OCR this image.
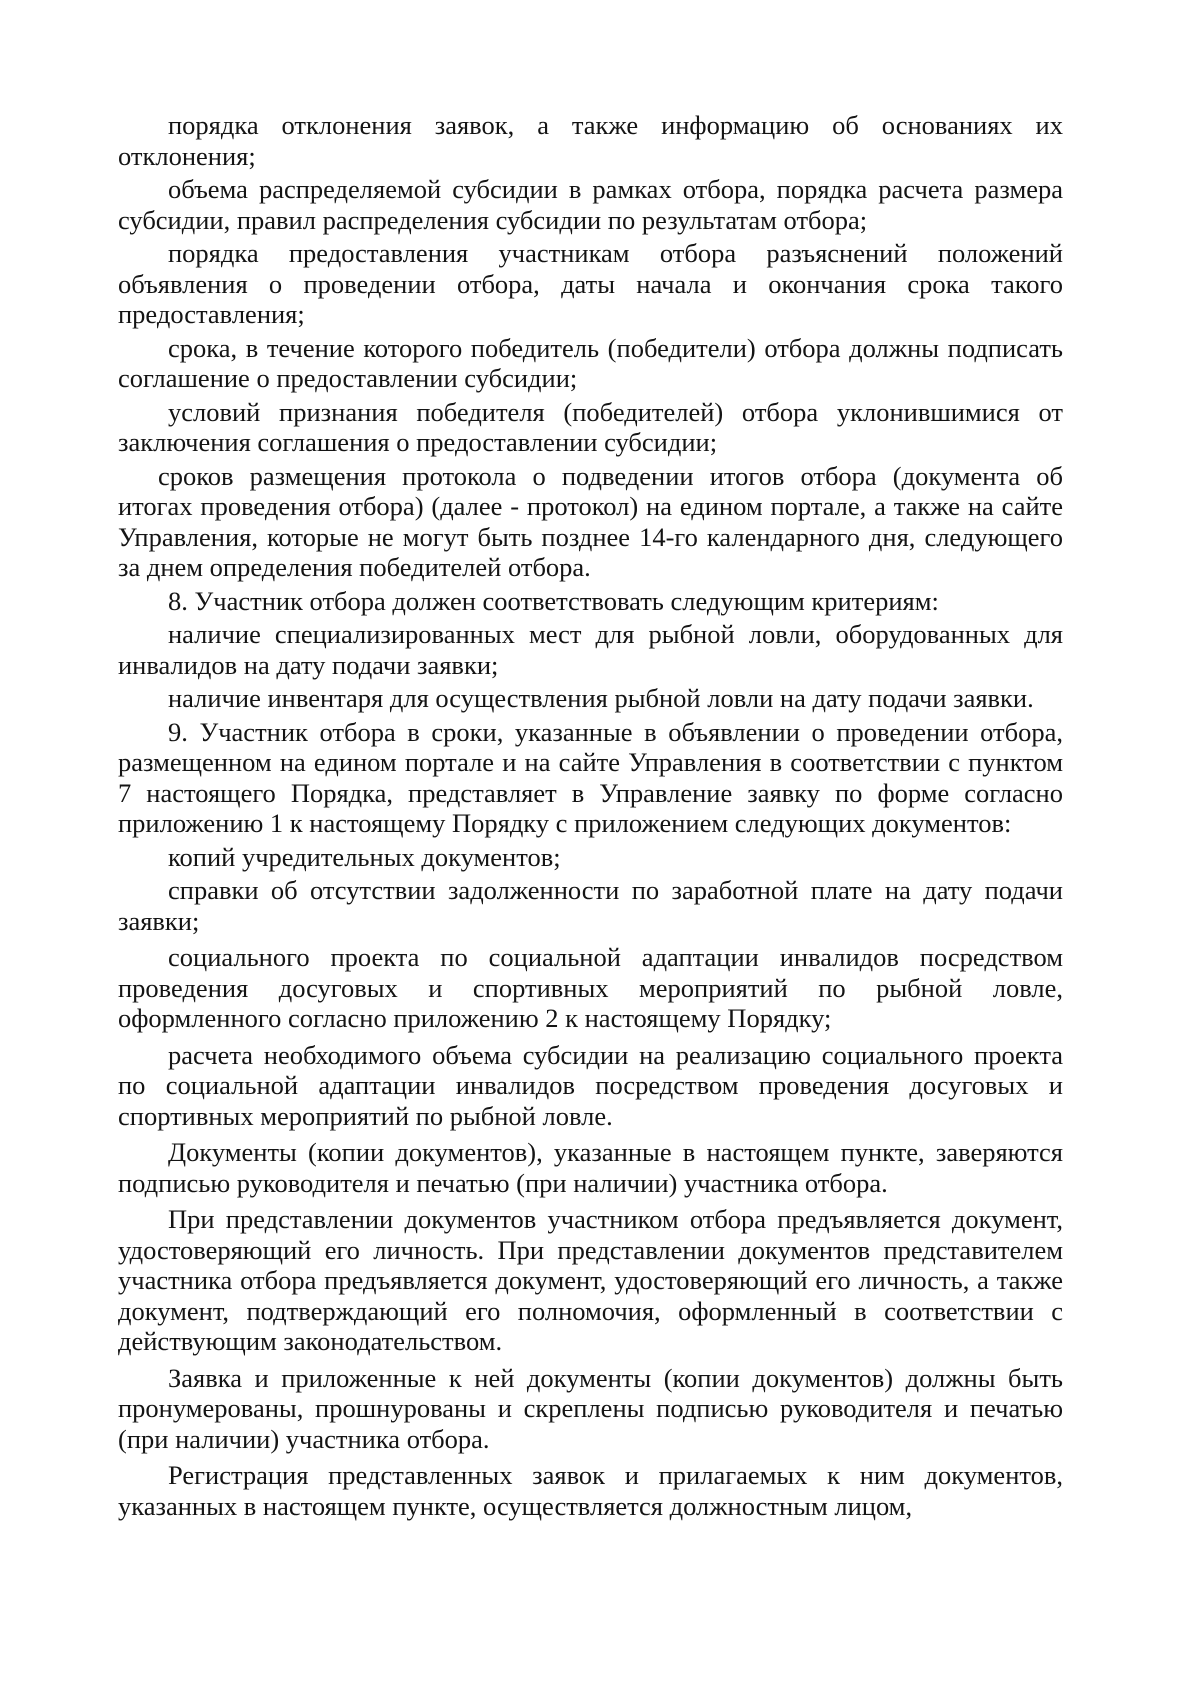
порядка отклонения заявок, а также информацию об основаниях их отклонения;

объема распределяемой субсидии в рамках отбора, порядка расчета размера субсидии, правил распределения субсидии по результатам отбора;

порядка предоставления участникам отбора разъяснений положений объявления о проведении отбора, даты начала и окончания срока такого предоставления;

срока, в течение которого победитель (победители) отбора должны подписать соглашение о предоставлении субсидии;

условий признания победителя (победителей) отбора уклонившимися от заключения соглашения о предоставлении субсидии;

сроков размещения протокола о подведении итогов отбора (документа об итогах проведения отбора) (далее - протокол) на едином портале, а также на сайте Управления, которые не могут быть позднее 14-го календарного дня, следующего за днем определения победителей отбора.

8. Участник отбора должен соответствовать следующим критериям:

наличие специализированных мест для рыбной ловли, оборудованных для инвалидов на дату подачи заявки;

наличие инвентаря для осуществления рыбной ловли на дату подачи заявки.

9. Участник отбора в сроки, указанные в объявлении о проведении отбора, размещенном на едином портале и на сайте Управления в соответствии с пунктом 7 настоящего Порядка, представляет в Управление заявку по форме согласно приложению 1 к настоящему Порядку с приложением следующих документов:

копий учредительных документов;

справки об отсутствии задолженности по заработной плате на дату подачи заявки;

социального проекта по социальной адаптации инвалидов посредством проведения досуговых и спортивных мероприятий по рыбной ловле, оформленного согласно приложению 2 к настоящему Порядку;

расчета необходимого объема субсидии на реализацию социального проекта по социальной адаптации инвалидов посредством проведения досуговых и спортивных мероприятий по рыбной ловле.

Документы (копии документов), указанные в настоящем пункте, заверяются подписью руководителя и печатью (при наличии) участника отбора.

При представлении документов участником отбора предъявляется документ, удостоверяющий его личность. При представлении документов представителем участника отбора предъявляется документ, удостоверяющий его личность, а также документ, подтверждающий его полномочия, оформленный в соответствии с действующим законодательством.

Заявка и приложенные к ней документы (копии документов) должны быть пронумерованы, прошнурованы и скреплены подписью руководителя и печатью (при наличии) участника отбора.

Регистрация представленных заявок и прилагаемых к ним документов, указанных в настоящем пункте, осуществляется должностным лицом,
